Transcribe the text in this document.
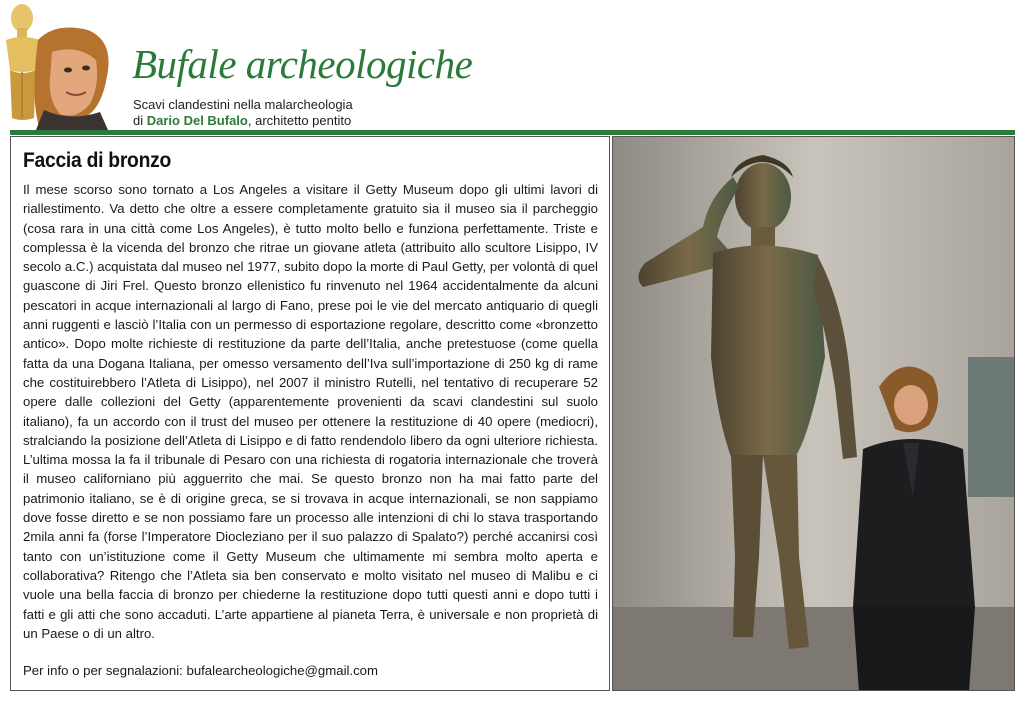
Bufale archeologiche
Scavi clandestini nella malarcheologia
di Dario Del Bufalo, architetto pentito
Faccia di bronzo

Il mese scorso sono tornato a Los Angeles a visitare il Getty Museum dopo gli ultimi lavori di riallestimento. Va detto che oltre a essere completamente gratuito sia il museo sia il parcheggio (cosa rara in una città come Los Angeles), è tutto molto bello e funziona perfettamente. Triste e complessa è la vicenda del bronzo che ritrae un giovane atleta (attribuito allo scultore Lisippo, IV secolo a.C.) acquistata dal museo nel 1977, subito dopo la morte di Paul Getty, per volontà di quel guascone di Jiri Frel. Questo bronzo ellenistico fu rinvenuto nel 1964 accidentalmente da alcuni pescatori in acque internazionali al largo di Fano, prese poi le vie del mercato antiquario di quegli anni ruggenti e lasciò l’Italia con un permesso di esportazione regolare, descritto come «bronzetto antico». Dopo molte richieste di restituzione da parte dell’Italia, anche pretestuose (come quella fatta da una Dogana Italiana, per omesso versamento dell’Iva sull’importazione di 250 kg di rame che costituirebbero l’Atleta di Lisippo), nel 2007 il ministro Rutelli, nel tentativo di recuperare 52 opere dalle collezioni del Getty (apparentemente provenienti da scavi clandestini sul suolo italiano), fa un accordo con il trust del museo per ottenere la restituzione di 40 opere (mediocri), stralciando la posizione dell’Atleta di Lisippo e di fatto rendendolo libero da ogni ulteriore richiesta. L’ultima mossa la fa il tribunale di Pesaro con una richiesta di rogatoria internazionale che troverà il museo californiano più agguerrito che mai. Se questo bronzo non ha mai fatto parte del patrimonio italiano, se è di origine greca, se si trovava in acque internazionali, se non sappiamo dove fosse diretto e se non possiamo fare un processo alle intenzioni di chi lo stava trasportando 2mila anni fa (forse l’Imperatore Diocleziano per il suo palazzo di Spalato?) perché accanirsi così tanto con un’istituzione come il Getty Museum che ultimamente mi sembra molto aperta e collaborativa? Ritengo che l’Atleta sia ben conservato e molto visitato nel museo di Malibu e ci vuole una bella faccia di bronzo per chiederne la restituzione dopo tutti questi anni e dopo tutti i fatti e gli atti che sono accaduti. L’arte appartiene al pianeta Terra, è universale e non proprietà di un Paese o di un altro.

Per info o per segnalazioni: bufalearcheologiche@gmail.com
